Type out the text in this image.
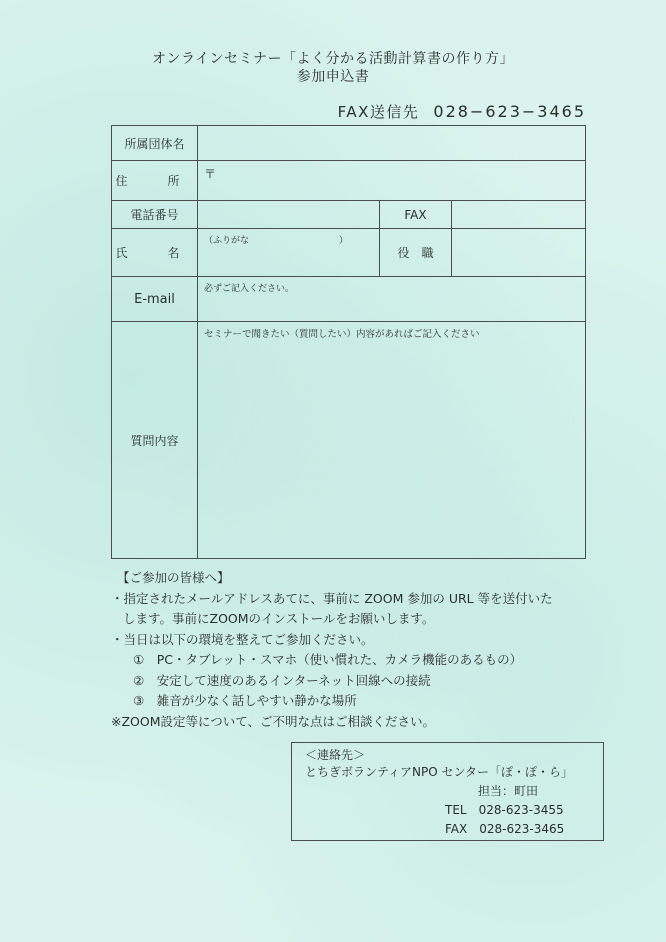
オンラインセミナー「よく分かる活動計算書の作り方」
参加申込書
FAX送信先 028−623−3465
所属団体名			
住　所	〒		

電話番号		FAX	
氏　名	（ふりがな　　　　　　　　　　）	役　職	
E-mail	必ずご記入ください。		

質問内容	セミナーで聞きたい（質問したい）内容があればご記入ください		
【ご参加の皆様へ】
・指定されたメールアドレスあてに、事前に ZOOM 参加の URL 等を送付いた
します。事前にZOOMのインストールをお願いします。
・当日は以下の環境を整えてご参加ください。
①　PC・タブレット・スマホ（使い慣れた、カメラ機能のあるもの）
②　安定して速度のあるインターネット回線への接続
③　雑音が少なく話しやすい静かな場所
※ZOOM設定等について、ご不明な点はご相談ください。
＜連絡先＞
とちぎボランティアNPO センター「ぽ・ぽ・ら」
担当：町田
TEL　028-623-3455
FAX　028-623-3465
